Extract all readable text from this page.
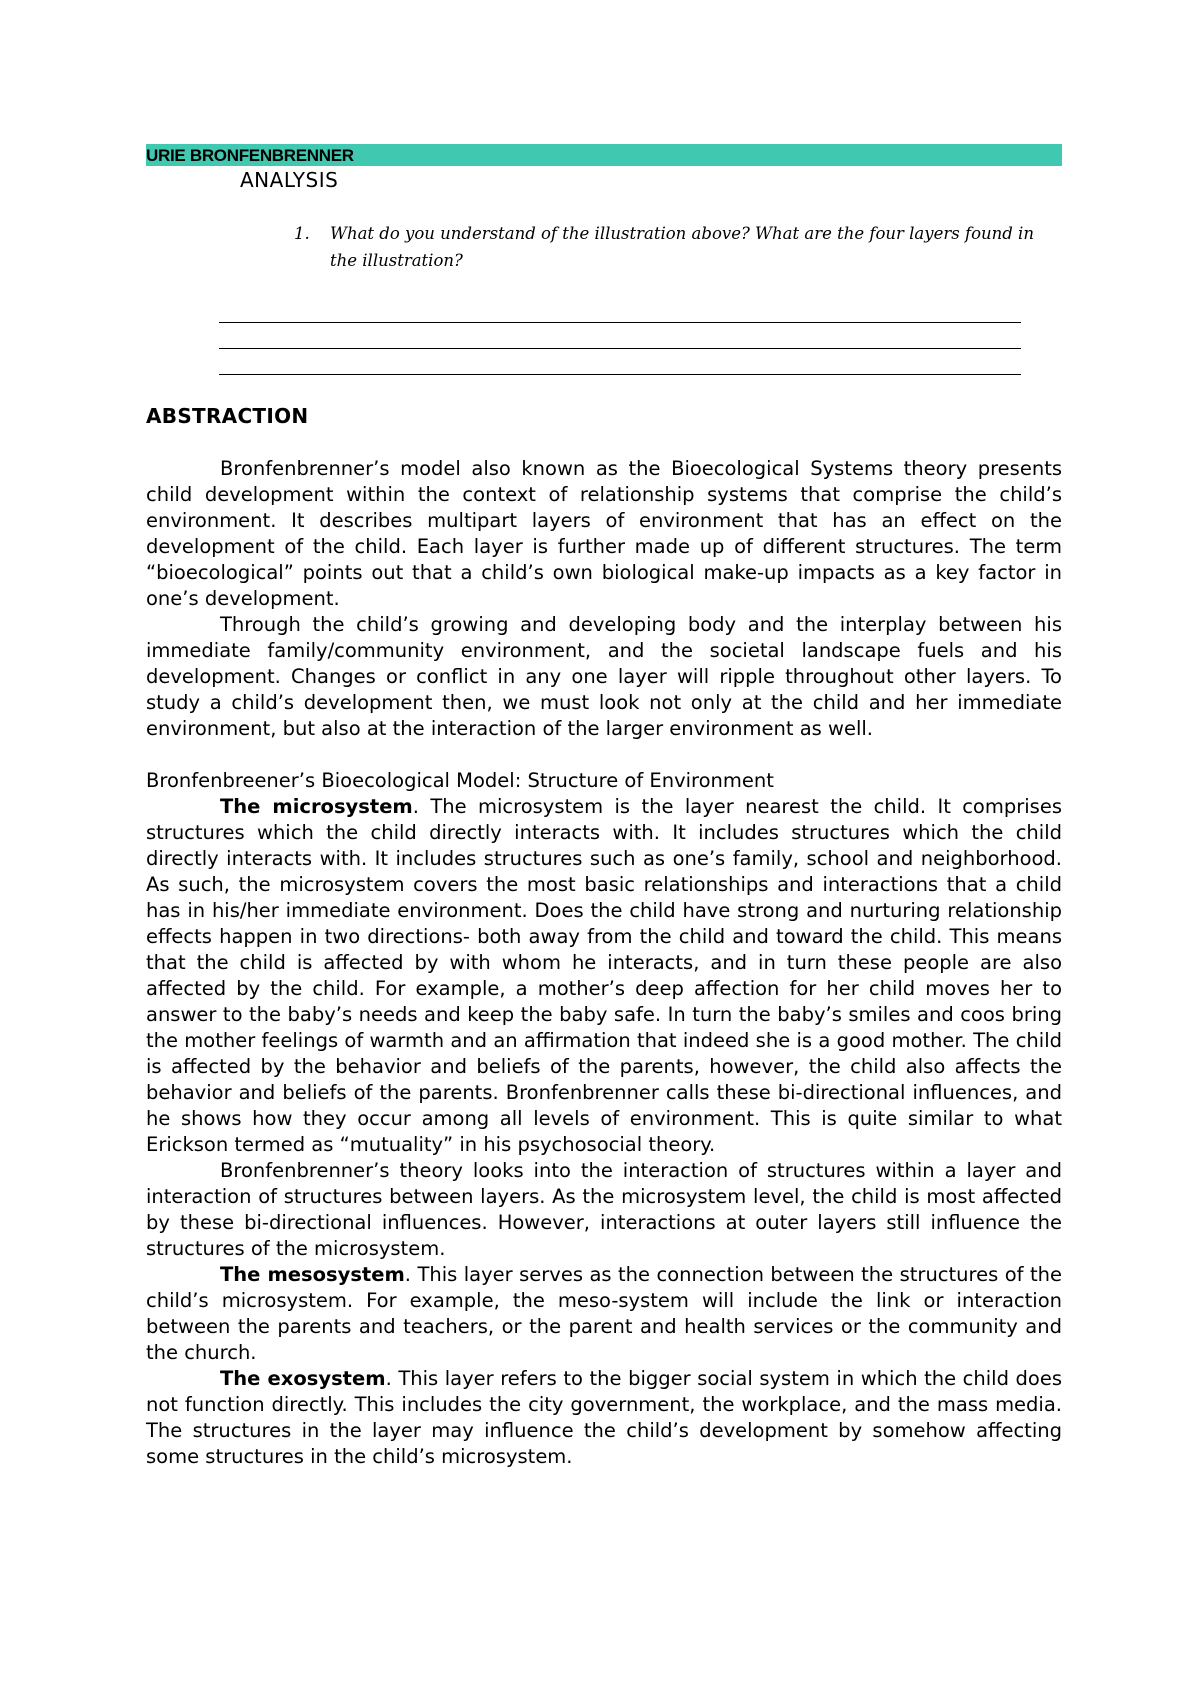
URIE BRONFENBRENNER
ANALYSIS
1. What do you understand of the illustration above? What are the four layers found in the illustration?
ABSTRACTION

Bronfenbrenner’s model also known as the Bioecological Systems theory presents child development within the context of relationship systems that comprise the child’s environment. It describes multipart layers of environment that has an effect on the development of the child. Each layer is further made up of different structures. The term “bioecological” points out that a child’s own biological make-up impacts as a key factor in one’s development.

Through the child’s growing and developing body and the interplay between his immediate family/community environment, and the societal landscape fuels and his development. Changes or conflict in any one layer will ripple throughout other layers. To study a child’s development then, we must look not only at the child and her immediate environment, but also at the interaction of the larger environment as well.

Bronfenbreener’s Bioecological Model: Structure of Environment

The microsystem. The microsystem is the layer nearest the child. It comprises structures which the child directly interacts with. It includes structures which the child directly interacts with. It includes structures such as one’s family, school and neighborhood. As such, the microsystem covers the most basic relationships and interactions that a child has in his/her immediate environment. Does the child have strong and nurturing relationship effects happen in two directions- both away from the child and toward the child. This means that the child is affected by with whom he interacts, and in turn these people are also affected by the child. For example, a mother’s deep affection for her child moves her to answer to the baby’s needs and keep the baby safe. In turn the baby’s smiles and coos bring the mother feelings of warmth and an affirmation that indeed she is a good mother. The child is affected by the behavior and beliefs of the parents, however, the child also affects the behavior and beliefs of the parents. Bronfenbrenner calls these bi-directional influences, and he shows how they occur among all levels of environment. This is quite similar to what Erickson termed as “mutuality” in his psychosocial theory.

Bronfenbrenner’s theory looks into the interaction of structures within a layer and interaction of structures between layers. As the microsystem level, the child is most affected by these bi-directional influences. However, interactions at outer layers still influence the structures of the microsystem.

The mesosystem. This layer serves as the connection between the structures of the child’s microsystem. For example, the meso-system will include the link or interaction between the parents and teachers, or the parent and health services or the community and the church.

The exosystem. This layer refers to the bigger social system in which the child does not function directly. This includes the city government, the workplace, and the mass media. The structures in the layer may influence the child’s development by somehow affecting some structures in the child’s microsystem.
